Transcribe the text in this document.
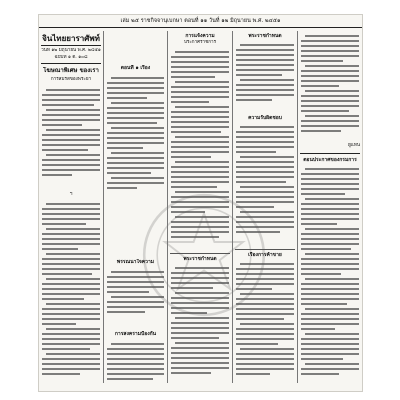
เล่ม ๒๕ ราชกิจจานุเบกษา ตอนที่ ๑๑ วันที่ ๑๒ มิถุนายน พ.ศ. ๒๔๕๑
จินไทยยาราศัพท์
วันที่ ๑๒ มิถุนายน พ.ศ. ๒๔๕๑
ฉบับที่ ๑ ต. ๑๐๘
โฆษณาพิเศษ ของเรา
การสมรสของพระยา
ฯ
ตอนที่ ๑ เรื่อง
พรรณนาใจความ
การสงครามป้องกัน
การแจ้งความ
ประกาศราชการ
พระราชกำหนด
พระราชกำหนด
ความรับผิดชอบ
เรื่องการค้าขาย
ผู้แทน
ตอนประกาศของกรมการ
